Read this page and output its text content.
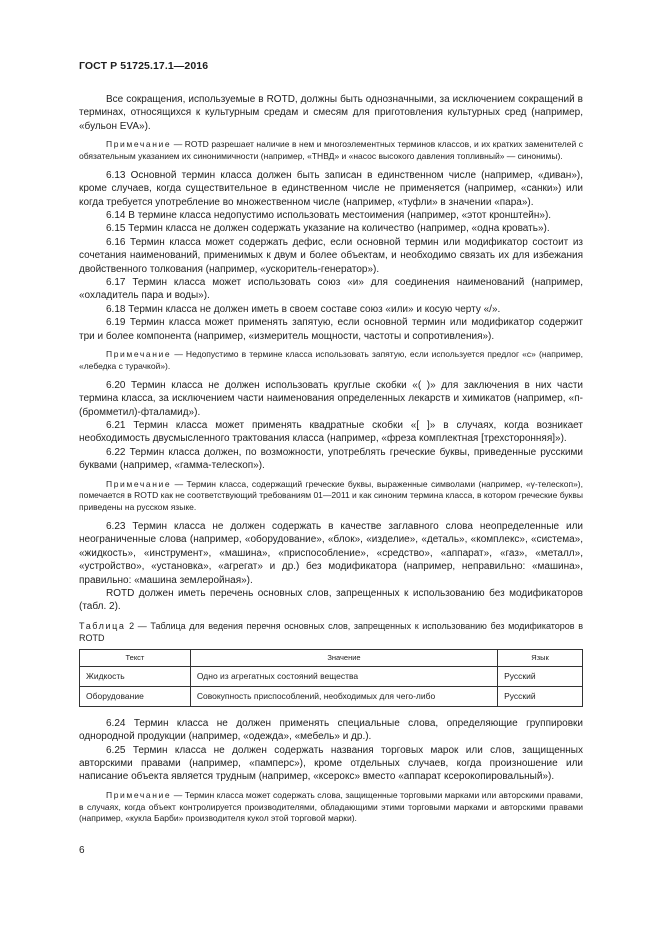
ГОСТ Р 51725.17.1—2016

Все сокращения, используемые в ROTD, должны быть однозначными, за исключением сокращений в терминах, относящихся к культурным средам и смесям для приготовления культурных сред (например, «бульон EVA»).

Примечание — ROTD разрешает наличие в нем и многоэлементных терминов классов, и их кратких заменителей с обязательным указанием их синонимичности (например, «ТНВД» и «насос высокого давления топливный» — синонимы).

6.13 Основной термин класса должен быть записан в единственном числе (например, «диван»), кроме случаев, когда существительное в единственном числе не применяется (например, «санки») или когда требуется употребление во множественном числе (например, «туфли» в значении «пара»).

6.14 В термине класса недопустимо использовать местоимения (например, «этот кронштейн»).

6.15 Термин класса не должен содержать указание на количество (например, «одна кровать»).

6.16 Термин класса может содержать дефис, если основной термин или модификатор состоит из сочетания наименований, применимых к двум и более объектам, и необходимо связать их для избежания двойственного толкования (например, «ускоритель-генератор»).

6.17 Термин класса может использовать союз «и» для соединения наименований (например, «охладитель пара и воды»).

6.18 Термин класса не должен иметь в своем составе союз «или» и косую черту «/».

6.19 Термин класса может применять запятую, если основной термин или модификатор содержит три и более компонента (например, «измеритель мощности, частоты и сопротивления»).

Примечание — Недопустимо в термине класса использовать запятую, если используется предлог «с» (например, «лебедка с турачкой»).

6.20 Термин класса не должен использовать круглые скобки «( )» для заключения в них части термина класса, за исключением части наименования определенных лекарств и химикатов (например, «п-(бромметил)-фталамид»).

6.21 Термин класса может применять квадратные скобки «[ ]» в случаях, когда возникает необходимость двусмысленного трактования класса (например, «фреза комплектная [трехсторонняя]»).

6.22 Термин класса должен, по возможности, употреблять греческие буквы, приведенные русскими буквами (например, «гамма-телескоп»).

Примечание — Термин класса, содержащий греческие буквы, выраженные символами (например, «γ-телескоп»), помечается в ROTD как не соответствующий требованиям 01—2011 и как синоним термина класса, в котором греческие буквы приведены на русском языке.

6.23 Термин класса не должен содержать в качестве заглавного слова неопределенные или неограниченные слова (например, «оборудование», «блок», «изделие», «деталь», «комплекс», «система», «жидкость», «инструмент», «машина», «приспособление», «средство», «аппарат», «газ», «металл», «устройство», «установка», «агрегат» и др.) без модификатора (например, неправильно: «машина», правильно: «машина землеройная»).

ROTD должен иметь перечень основных слов, запрещенных к использованию без модификаторов (табл. 2).

Таблица 2 — Таблица для ведения перечня основных слов, запрещенных к использованию без модификаторов в ROTD

Текст	Значение	Язык
Жидкость	Одно из агрегатных состояний вещества	Русский
Оборудование	Совокупность приспособлений, необходимых для чего-либо	Русский

6.24 Термин класса не должен применять специальные слова, определяющие группировки однородной продукции (например, «одежда», «мебель» и др.).

6.25 Термин класса не должен содержать названия торговых марок или слов, защищенных авторскими правами (например, «памперс»), кроме отдельных случаев, когда произношение или написание объекта является трудным (например, «ксерокс» вместо «аппарат ксерокопировальный»).

Примечание — Термин класса может содержать слова, защищенные торговыми марками или авторскими правами, в случаях, когда объект контролируется производителями, обладающими этими торговыми марками и авторскими правами (например, «кукла Барби» производителя кукол этой торговой марки).

6
